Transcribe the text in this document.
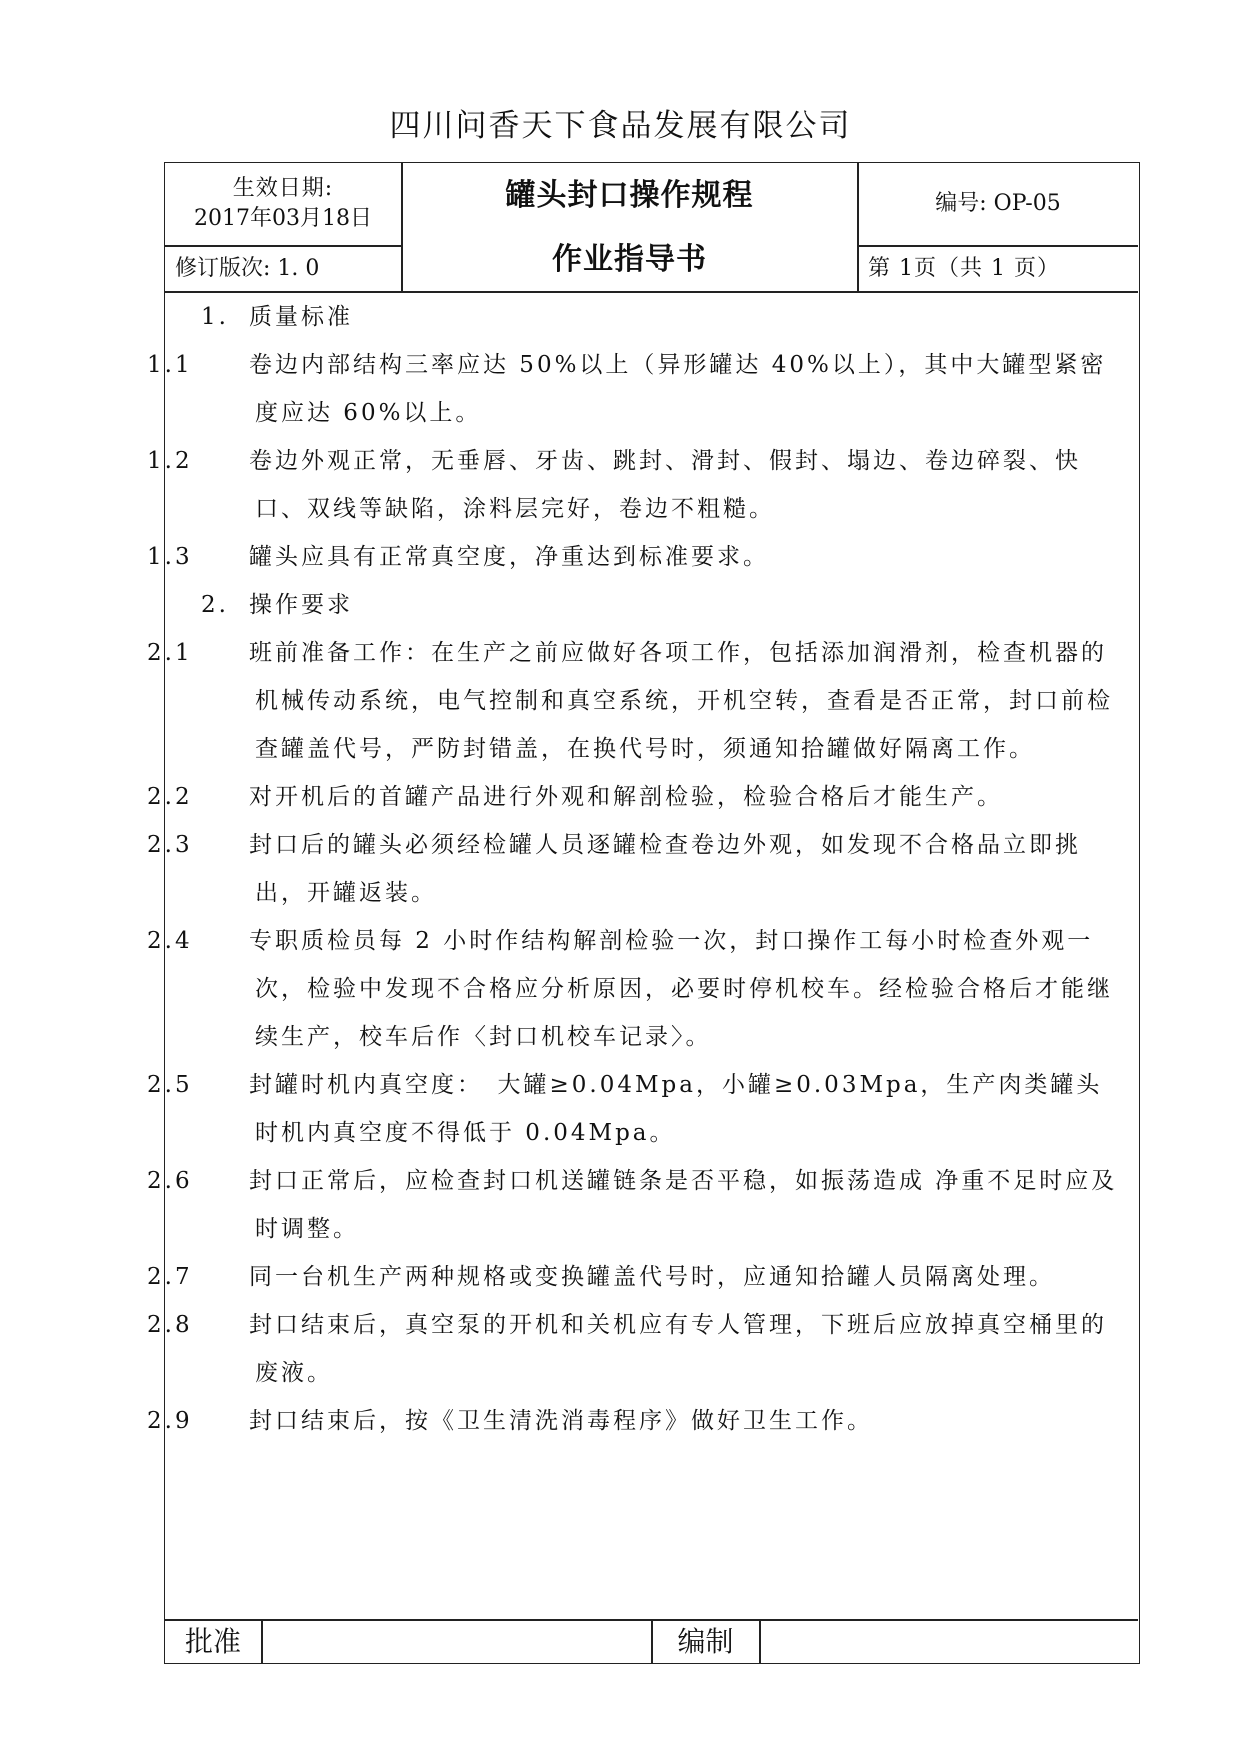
四川问香天下食品发展有限公司
生效日期:
2017年03月18日
修订版次: 1. 0
罐头封口操作规程
作业指导书
编号: OP-05
第 1页（共 1 页）
1. 质量标准
1.1 卷边内部结构三率应达 50%以上（异形罐达 40%以上），其中大罐型紧密度应达 60%以上。
1.2 卷边外观正常，无垂唇、牙齿、跳封、滑封、假封、塌边、卷边碎裂、快口、双线等缺陷，涂料层完好，卷边不粗糙。
1.3 罐头应具有正常真空度，净重达到标准要求。
2. 操作要求
2.1 班前准备工作：在生产之前应做好各项工作，包括添加润滑剂，检查机器的机械传动系统，电气控制和真空系统，开机空转，查看是否正常，封口前检查罐盖代号，严防封错盖，在换代号时，须通知拾罐做好隔离工作。
2.2 对开机后的首罐产品进行外观和解剖检验，检验合格后才能生产。
2.3 封口后的罐头必须经检罐人员逐罐检查卷边外观，如发现不合格品立即挑出，开罐返装。
2.4 专职质检员每 2 小时作结构解剖检验一次，封口操作工每小时检查外观一次，检验中发现不合格应分析原因，必要时停机校车。经检验合格后才能继续生产，校车后作〈封口机校车记录〉。
2.5 封罐时机内真空度：　大罐≥0.04Mpa，小罐≥0.03Mpa，生产肉类罐头时机内真空度不得低于 0.04Mpa。
2.6 封口正常后，应检查封口机送罐链条是否平稳，如振荡造成 净重不足时应及时调整。
2.7 同一台机生产两种规格或变换罐盖代号时，应通知拾罐人员隔离处理。
2.8 封口结束后，真空泵的开机和关机应有专人管理，下班后应放掉真空桶里的废液。
2.9 封口结束后，按《卫生清洗消毒程序》做好卫生工作。
批准	编制
